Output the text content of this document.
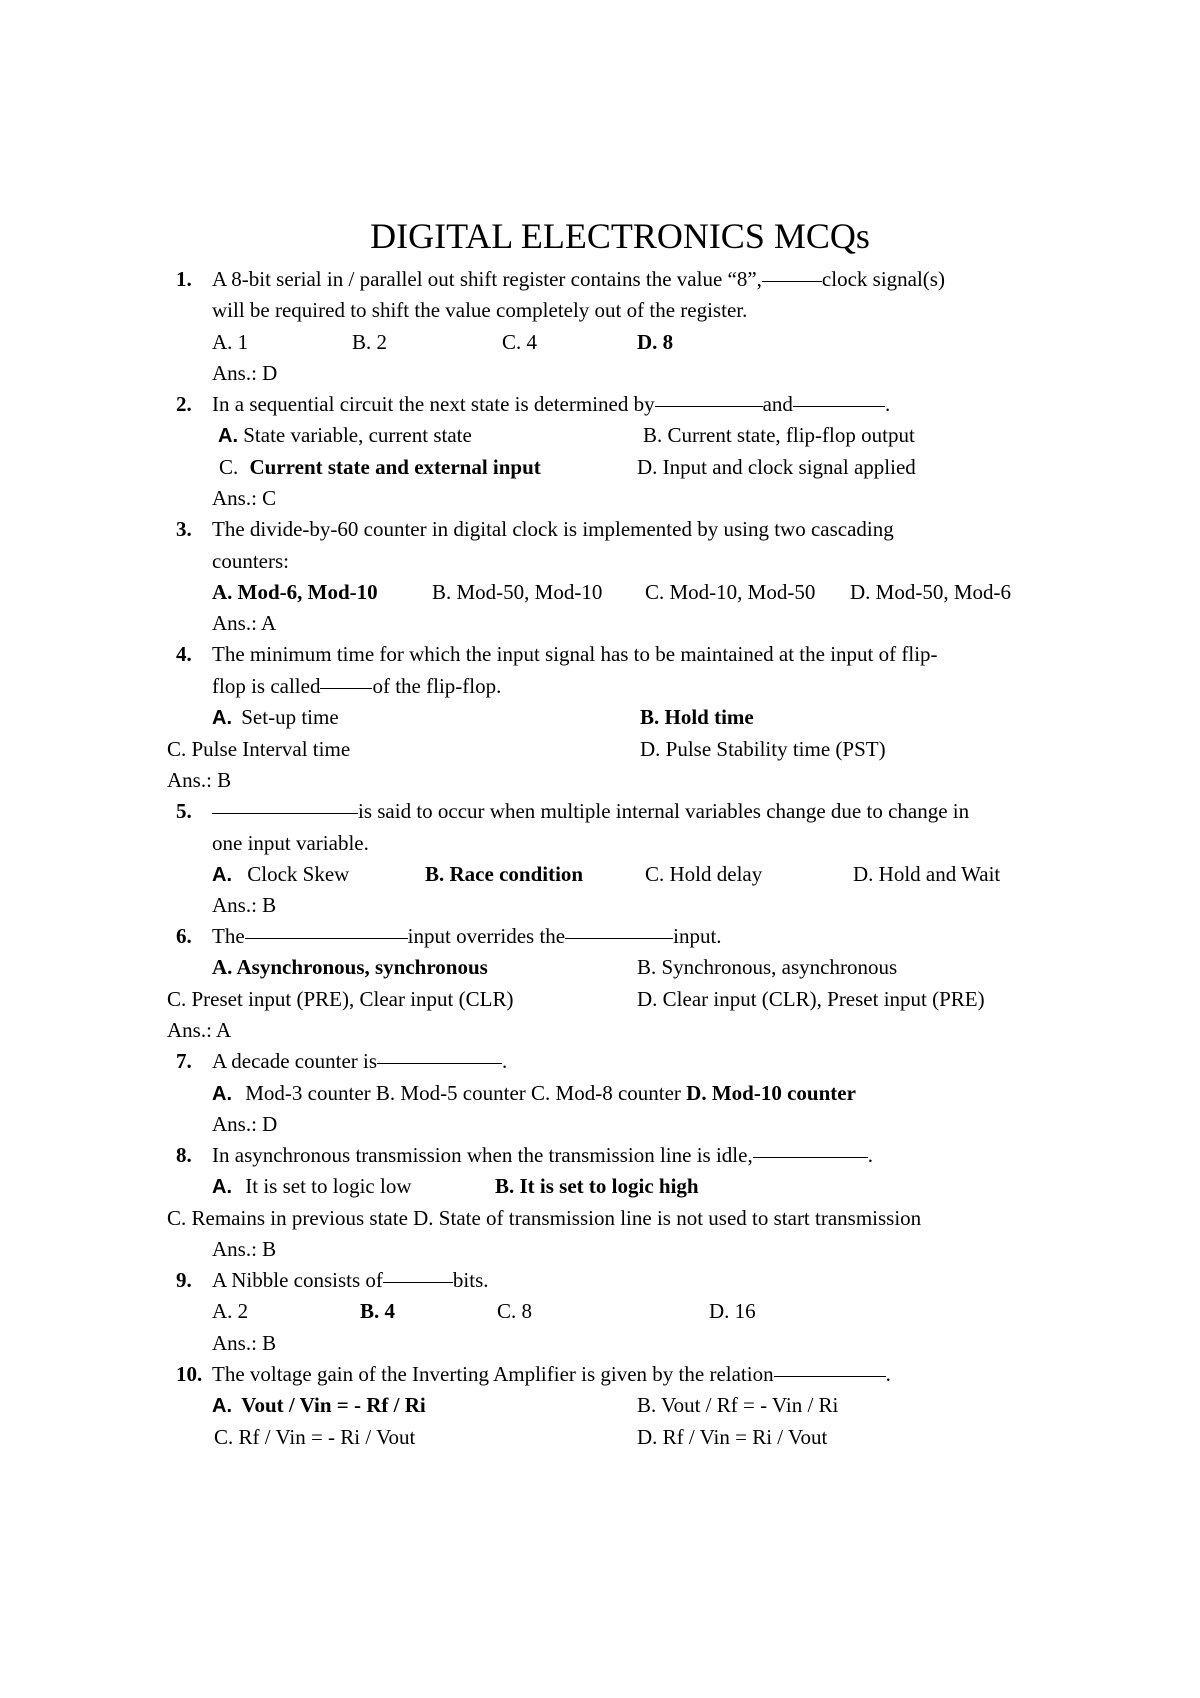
DIGITAL ELECTRONICS MCQs
1. A 8-bit serial in / parallel out shift register contains the value “8”,	clock signal(s)
will be required to shift the value completely out of the register.
A. 1	B. 2	C. 4	D. 8
Ans.: D
2. In a sequential circuit the next state is determined by	and	.
A. State variable, current state	B. Current state, flip-flop output
C. Current state and external input	D. Input and clock signal applied
Ans.: C
3. The divide-by-60 counter in digital clock is implemented by using two cascading
counters:
A. Mod-6, Mod-10	B. Mod-50, Mod-10 C. Mod-10, Mod-50 D. Mod-50, Mod-6
Ans.: A
4. The minimum time for which the input signal has to be maintained at the input of flip-
flop is called of the flip-flop.
A. Set-up time	B. Hold time
C. Pulse Interval time	D. Pulse Stability time (PST)
Ans.: B
5.	is said to occur when multiple internal variables change due to change in
one input variable.
A. Clock Skew	B. Race condition	C. Hold delay	D. Hold and Wait
Ans.: B
6. The	input overrides the	input.
A. Asynchronous, synchronous	B. Synchronous, asynchronous
C. Preset input (PRE), Clear input (CLR)	D. Clear input (CLR), Preset input (PRE)
Ans.: A
7. A decade counter is	.
A. Mod-3 counter B. Mod-5 counter C. Mod-8 counter D. Mod-10 counter
Ans.: D
8. In asynchronous transmission when the transmission line is idle,	.
A. It is set to logic low	B. It is set to logic high
C. Remains in previous state D. State of transmission line is not used to start transmission
Ans.: B
9. A Nibble consists of	bits.
A. 2	B. 4	C. 8	D. 16
Ans.: B
10. The voltage gain of the Inverting Amplifier is given by the relation	.
A. Vout / Vin = - Rf / Ri	B. Vout / Rf = - Vin / Ri
C. Rf / Vin = - Ri / Vout	D. Rf / Vin = Ri / Vout
